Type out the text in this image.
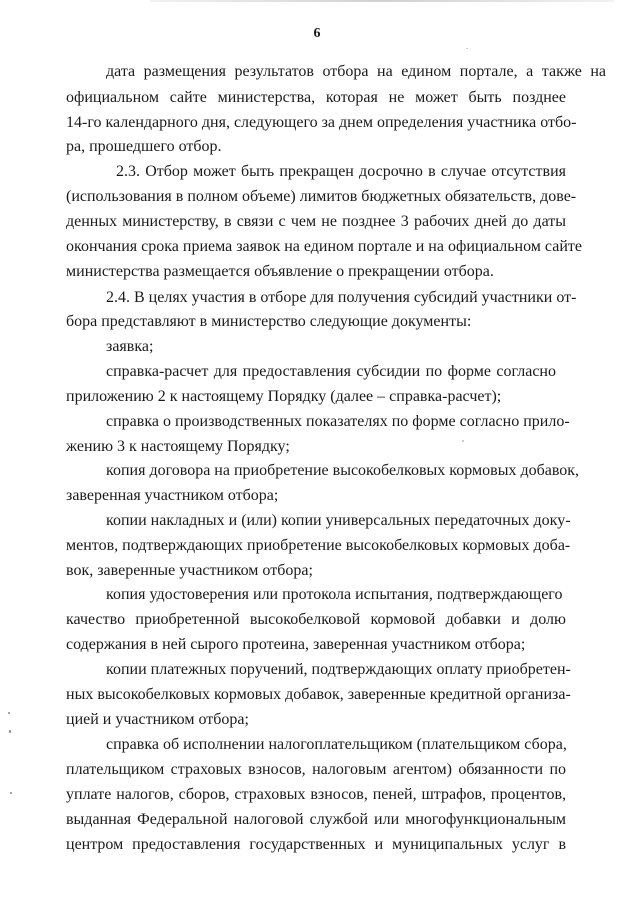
6
дата размещения результатов отбора на едином портале, а также на
официальном сайте министерства, которая не может быть позднее
14-го календарного дня, следующего за днем определения участника отбо-
ра, прошедшего отбор.
2.3. Отбор может быть прекращен досрочно в случае отсутствия
(использования в полном объеме) лимитов бюджетных обязательств, дове-
денных министерству, в связи с чем не позднее 3 рабочих дней до даты
окончания срока приема заявок на едином портале и на официальном сайте
министерства размещается объявление о прекращении отбора.
2.4. В целях участия в отборе для получения субсидий участники от-
бора представляют в министерство следующие документы:
заявка;
справка-расчет для предоставления субсидии по форме согласно
приложению 2 к настоящему Порядку (далее – справка-расчет);
справка о производственных показателях по форме согласно прило-
жению 3 к настоящему Порядку;
копия договора на приобретение высокобелковых кормовых добавок,
заверенная участником отбора;
копии накладных и (или) копии универсальных передаточных доку-
ментов, подтверждающих приобретение высокобелковых кормовых доба-
вок, заверенные участником отбора;
копия удостоверения или протокола испытания, подтверждающего
качество приобретенной высокобелковой кормовой добавки и долю
содержания в ней сырого протеина, заверенная участником отбора;
копии платежных поручений, подтверждающих оплату приобретен-
ных высокобелковых кормовых добавок, заверенные кредитной организа-
цией и участником отбора;
справка об исполнении налогоплательщиком (плательщиком сбора,
плательщиком страховых взносов, налоговым агентом) обязанности по
уплате налогов, сборов, страховых взносов, пеней, штрафов, процентов,
выданная Федеральной налоговой службой или многофункциональным
центром предоставления государственных и муниципальных услуг в
